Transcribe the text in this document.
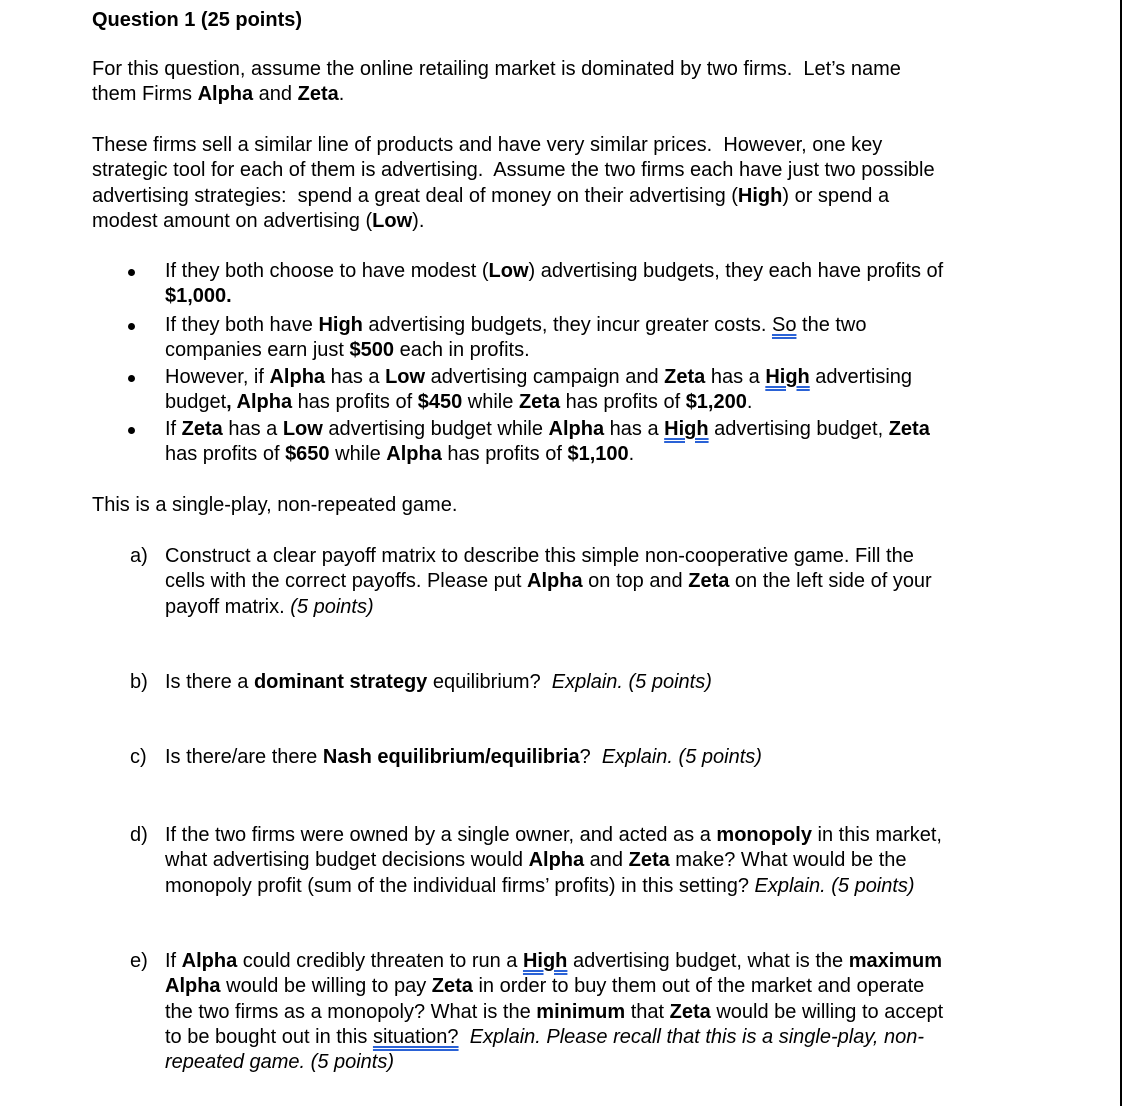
Question 1 (25 points)
For this question, assume the online retailing market is dominated by two firms.  Let’s name
them Firms Alpha and Zeta.
These firms sell a similar line of products and have very similar prices.  However, one key
strategic tool for each of them is advertising.  Assume the two firms each have just two possible
advertising strategies:  spend a great deal of money on their advertising (High) or spend a
modest amount on advertising (Low).
If they both choose to have modest (Low) advertising budgets, they each have profits of
$1,000.
If they both have High advertising budgets, they incur greater costs. So the two
companies earn just $500 each in profits.
However, if Alpha has a Low advertising campaign and Zeta has a High advertising
budget, Alpha has profits of $450 while Zeta has profits of $1,200.
If Zeta has a Low advertising budget while Alpha has a High advertising budget, Zeta
has profits of $650 while Alpha has profits of $1,100.
This is a single-play, non-repeated game.
a) Construct a clear payoff matrix to describe this simple non-cooperative game. Fill the
cells with the correct payoffs. Please put Alpha on top and Zeta on the left side of your
payoff matrix. (5 points)
b) Is there a dominant strategy equilibrium?  Explain. (5 points)
c) Is there/are there Nash equilibrium/equilibria?  Explain. (5 points)
d) If the two firms were owned by a single owner, and acted as a monopoly in this market,
what advertising budget decisions would Alpha and Zeta make? What would be the
monopoly profit (sum of the individual firms’ profits) in this setting? Explain. (5 points)
e) If Alpha could credibly threaten to run a High advertising budget, what is the maximum
Alpha would be willing to pay Zeta in order to buy them out of the market and operate
the two firms as a monopoly? What is the minimum that Zeta would be willing to accept
to be bought out in this situation? Explain. Please recall that this is a single-play, non-
repeated game. (5 points)
